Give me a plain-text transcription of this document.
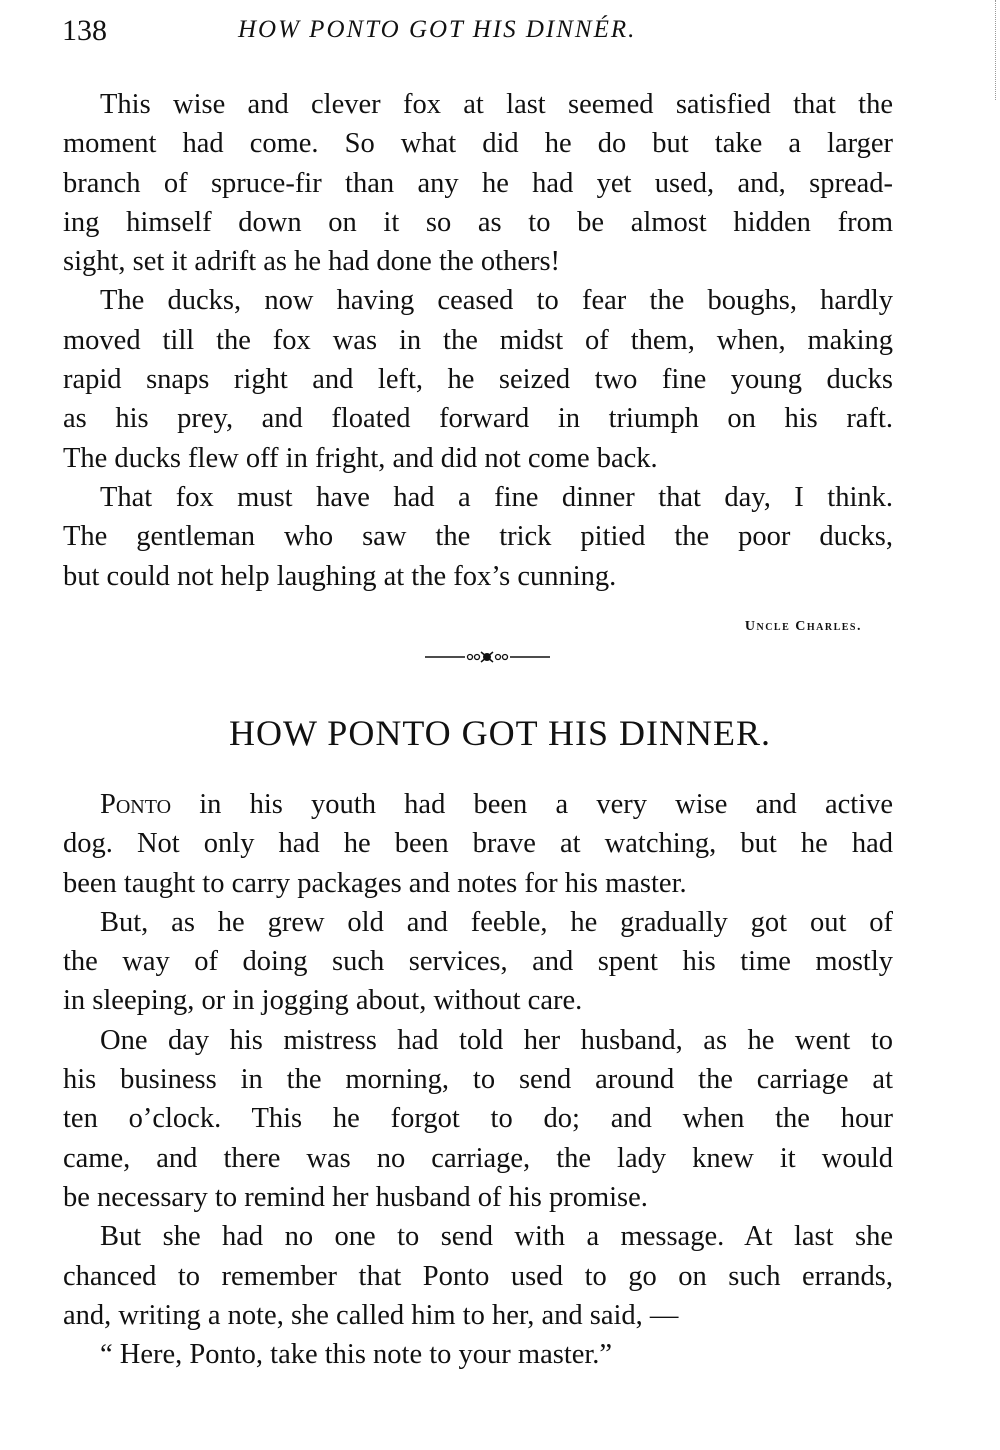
138	HOW PONTO GOT HIS DINNÉR.
This wise and clever fox at last seemed satisfied that the
moment had come. So what did he do but take a larger
branch of spruce-fir than any he had yet used, and, spread-
ing himself down on it so as to be almost hidden from
sight, set it adrift as he had done the others!
The ducks, now having ceased to fear the boughs, hardly
moved till the fox was in the midst of them, when, making
rapid snaps right and left, he seized two fine young ducks
as his prey, and floated forward in triumph on his raft.
The ducks flew off in fright, and did not come back.
That fox must have had a fine dinner that day, I think.
The gentleman who saw the trick pitied the poor ducks,
but could not help laughing at the fox’s cunning.
Uncle Charles.
HOW PONTO GOT HIS DINNER.
Ponto in his youth had been a very wise and active
dog. Not only had he been brave at watching, but he had
been taught to carry packages and notes for his master.
But, as he grew old and feeble, he gradually got out of
the way of doing such services, and spent his time mostly
in sleeping, or in jogging about, without care.
One day his mistress had told her husband, as he went to
his business in the morning, to send around the carriage at
ten o’clock. This he forgot to do; and when the hour
came, and there was no carriage, the lady knew it would
be necessary to remind her husband of his promise.
But she had no one to send with a message. At last she
chanced to remember that Ponto used to go on such errands,
and, writing a note, she called him to her, and said, —
“ Here, Ponto, take this note to your master.”
